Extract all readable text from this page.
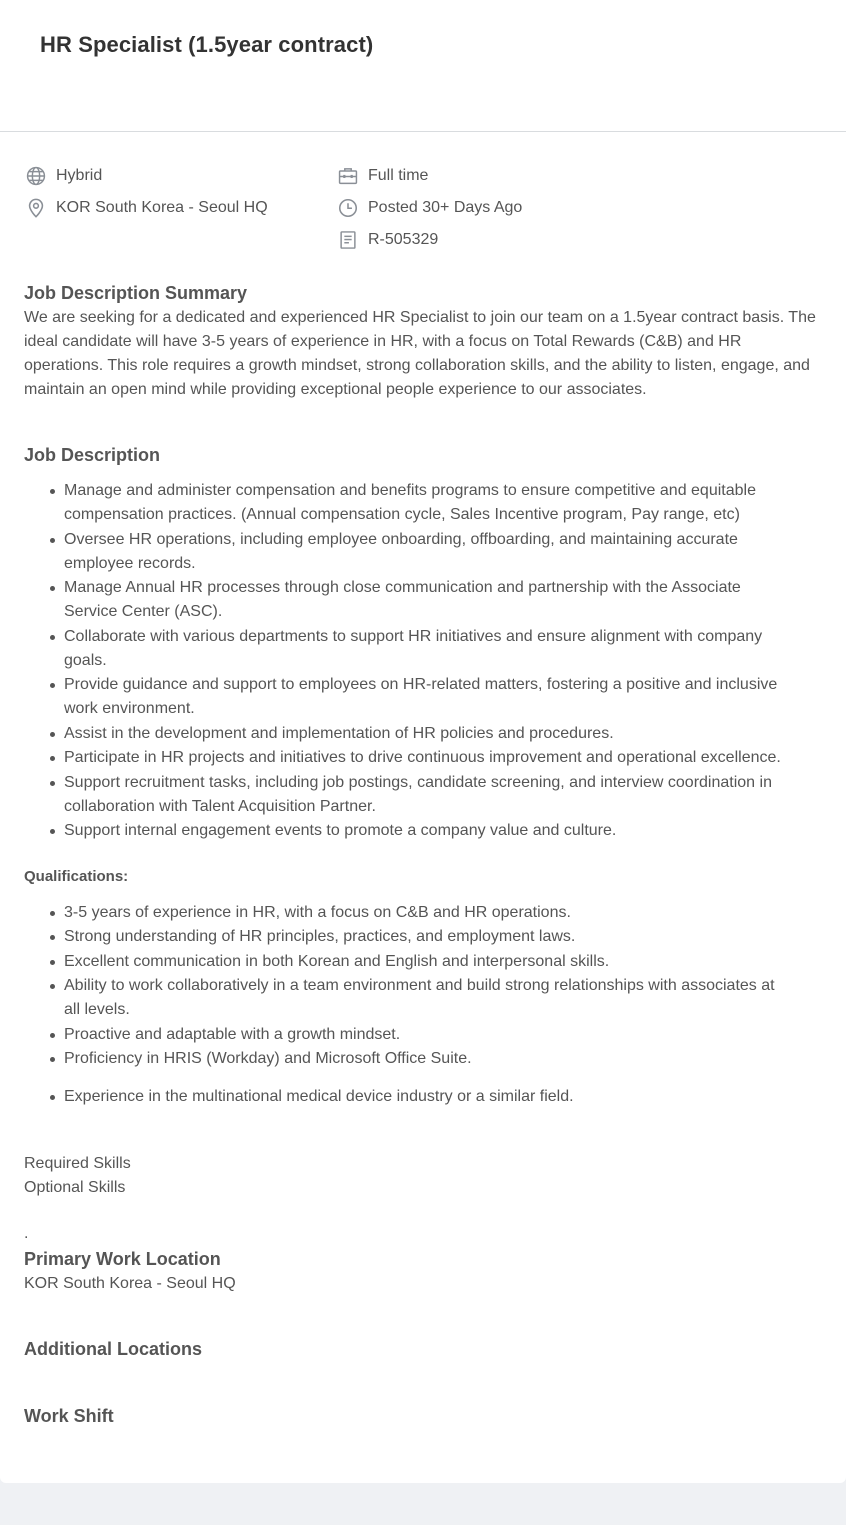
HR Specialist (1.5year contract)
Hybrid
KOR South Korea - Seoul HQ
Full time
Posted 30+ Days Ago
R-505329
Job Description Summary

We are seeking for a dedicated and experienced HR Specialist to join our team on a 1.5year contract basis. The ideal candidate will have 3-5 years of experience in HR, with a focus on Total Rewards (C&B) and HR operations. This role requires a growth mindset, strong collaboration skills, and the ability to listen, engage, and maintain an open mind while providing exceptional people experience to our associates.

Job Description
Manage and administer compensation and benefits programs to ensure competitive and equitable compensation practices. (Annual compensation cycle, Sales Incentive program, Pay range, etc)
Oversee HR operations, including employee onboarding, offboarding, and maintaining accurate employee records.
Manage Annual HR processes through close communication and partnership with the Associate Service Center (ASC).
Collaborate with various departments to support HR initiatives and ensure alignment with company goals.
Provide guidance and support to employees on HR-related matters, fostering a positive and inclusive work environment.
Assist in the development and implementation of HR policies and procedures.
Participate in HR projects and initiatives to drive continuous improvement and operational excellence.
Support recruitment tasks, including job postings, candidate screening, and interview coordination in collaboration with Talent Acquisition Partner.
Support internal engagement events to promote a company value and culture.

Qualifications:

3-5 years of experience in HR, with a focus on C&B and HR operations.
Strong understanding of HR principles, practices, and employment laws.
Excellent communication in both Korean and English and interpersonal skills.
Ability to work collaboratively in a team environment and build strong relationships with associates at all levels.
Proactive and adaptable with a growth mindset.
Proficiency in HRIS (Workday) and Microsoft Office Suite.
Experience in the multinational medical device industry or a similar field.

Required Skills

Optional Skills

.

Primary Work Location

KOR South Korea - Seoul HQ

Additional Locations
Work Shift
